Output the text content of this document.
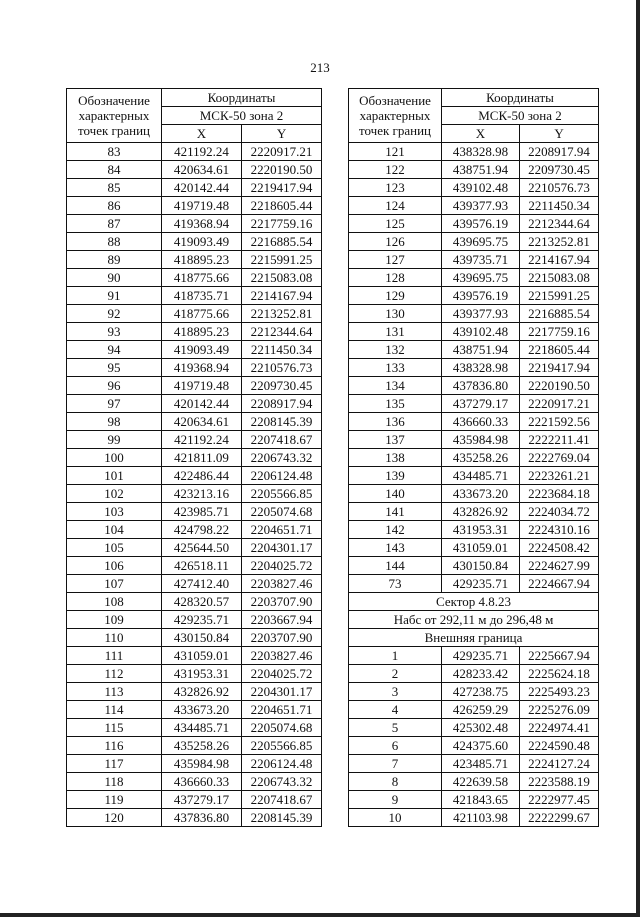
213
Обозначение
характерных
точек границ	Координаты	
	МСК-50 зона 2	
	X	Y
83	421192.24	2220917.21
84	420634.61	2220190.50
85	420142.44	2219417.94
86	419719.48	2218605.44
87	419368.94	2217759.16
88	419093.49	2216885.54
89	418895.23	2215991.25
90	418775.66	2215083.08
91	418735.71	2214167.94
92	418775.66	2213252.81
93	418895.23	2212344.64
94	419093.49	2211450.34
95	419368.94	2210576.73
96	419719.48	2209730.45
97	420142.44	2208917.94
98	420634.61	2208145.39
99	421192.24	2207418.67
100	421811.09	2206743.32
101	422486.44	2206124.48
102	423213.16	2205566.85
103	423985.71	2205074.68
104	424798.22	2204651.71
105	425644.50	2204301.17
106	426518.11	2204025.72
107	427412.40	2203827.46
108	428320.57	2203707.90
109	429235.71	2203667.94
110	430150.84	2203707.90
111	431059.01	2203827.46
112	431953.31	2204025.72
113	432826.92	2204301.17
114	433673.20	2204651.71
115	434485.71	2205074.68
116	435258.26	2205566.85
117	435984.98	2206124.48
118	436660.33	2206743.32
119	437279.17	2207418.67
120	437836.80	2208145.39
Обозначение
характерных
точек границ	Координаты	
	МСК-50 зона 2	
	X	Y
121	438328.98	2208917.94
122	438751.94	2209730.45
123	439102.48	2210576.73
124	439377.93	2211450.34
125	439576.19	2212344.64
126	439695.75	2213252.81
127	439735.71	2214167.94
128	439695.75	2215083.08
129	439576.19	2215991.25
130	439377.93	2216885.54
131	439102.48	2217759.16
132	438751.94	2218605.44
133	438328.98	2219417.94
134	437836.80	2220190.50
135	437279.17	2220917.21
136	436660.33	2221592.56
137	435984.98	2222211.41
138	435258.26	2222769.04
139	434485.71	2223261.21
140	433673.20	2223684.18
141	432826.92	2224034.72
142	431953.31	2224310.16
143	431059.01	2224508.42
144	430150.84	2224627.99
73	429235.71	2224667.94
Сектор 4.8.23		
Набс от 292,11 м до 296,48 м		
Внешняя граница		
1	429235.71	2225667.94
2	428233.42	2225624.18
3	427238.75	2225493.23
4	426259.29	2225276.09
5	425302.48	2224974.41
6	424375.60	2224590.48
7	423485.71	2224127.24
8	422639.58	2223588.19
9	421843.65	2222977.45
10	421103.98	2222299.67
